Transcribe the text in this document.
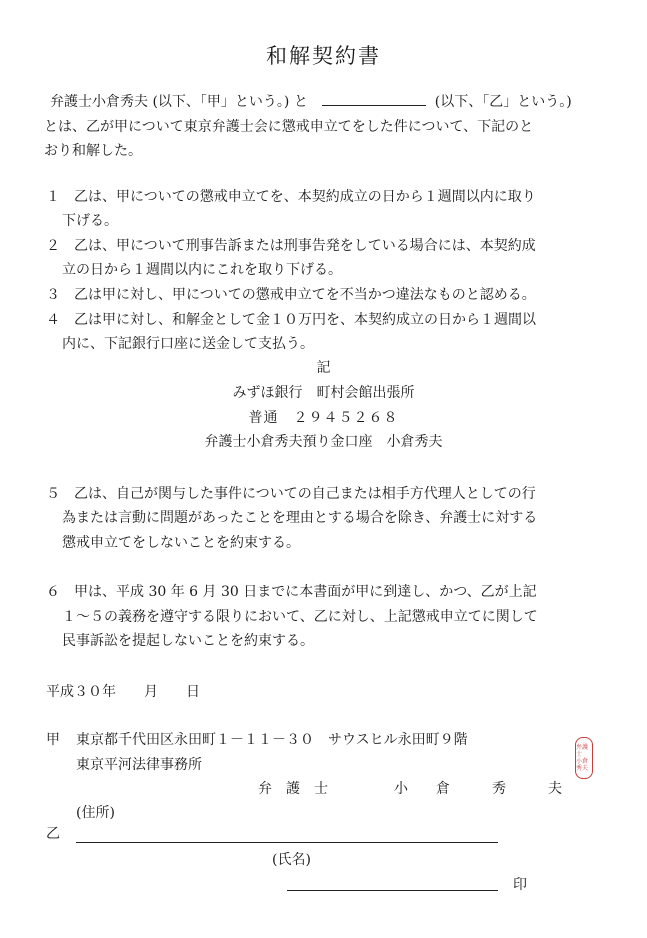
和解契約書
弁護士小倉秀夫 (以下、「甲」という。) と	(以下、「乙」という。)
とは、乙が甲について東京弁護士会に懲戒申立てをした件について、下記のと
おり和解した。
１　乙は、甲についての懲戒申立てを、本契約成立の日から１週間以内に取り
下げる。
２　乙は、甲について刑事告訴または刑事告発をしている場合には、本契約成
立の日から１週間以内にこれを取り下げる。
３　乙は甲に対し、甲についての懲戒申立てを不当かつ違法なものと認める。
４　乙は甲に対し、和解金として金１０万円を、本契約成立の日から１週間以
内に、下記銀行口座に送金して支払う。
記
みずほ銀行　町村会館出張所
普通　２９４５２６８
弁護士小倉秀夫預り金口座　小倉秀夫
５　乙は、自己が関与した事件についての自己または相手方代理人としての行
為または言動に問題があったことを理由とする場合を除き、弁護士に対する
懲戒申立てをしないことを約束する。
６　甲は、平成 30 年 6 月 30 日までに本書面が甲に到達し、かつ、乙が上記
１～５の義務を遵守する限りにおいて、乙に対し、上記懲戒申立てに関して
民事訴訟を提起しないことを約束する。
平成３０年　　月　　日
甲 東京都千代田区永田町１－１１－３０　サウスヒル永田町９階
東京平河法律事務所
弁　護　士	小　　倉　　　秀　　　夫
弁護士
小倉秀夫
(住所)
乙
(氏名)
印
